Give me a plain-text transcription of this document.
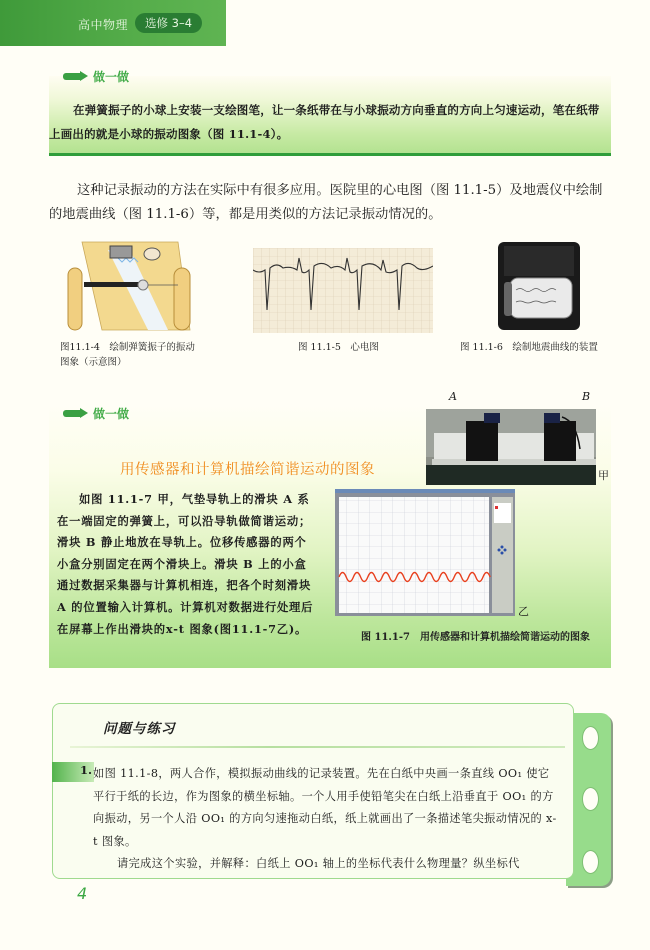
高中物理	选修 3–4
做一做
在弹簧振子的小球上安装一支绘图笔，让一条纸带在与小球振动方向垂直的方向上匀速运动，笔在纸带上画出的就是小球的振动图象（图 11.1-4）。
这种记录振动的方法在实际中有很多应用。医院里的心电图（图 11.1-5）及地震仪中绘制的地震曲线（图 11.1-6）等，都是用类似的方法记录振动情况的。
图11.1-4　绘制弹簧振子的振动
图象（示意图）
图 11.1-5　心电图	图 11.1-6　绘制地震曲线的装置
做一做
用传感器和计算机描绘简谐运动的图象
A	B
甲
如图 11.1-7 甲，气垫导轨上的滑块 A 系在一端固定的弹簧上，可以沿导轨做简谐运动；滑块 B 静止地放在导轨上。位移传感器的两个小盒分别固定在两个滑块上。滑块 B 上的小盒通过数据采集器与计算机相连，把各个时刻滑块 A 的位置输入计算机。计算机对数据进行处理后在屏幕上作出滑块的x-t 图象(图11.1-7乙)。
乙
图 11.1-7　用传感器和计算机描绘简谐运动的图象
问题与练习
1. 如图 11.1-8，两人合作，模拟振动曲线的记录装置。先在白纸中央画一条直线 OO₁ 使它平行于纸的长边，作为图象的横坐标轴。一个人用手使铅笔尖在白纸上沿垂直于 OO₁ 的方向振动，另一个人沿 OO₁ 的方向匀速拖动白纸，纸上就画出了一条描述笔尖振动情况的 x-t 图象。

请完成这个实验，并解释：白纸上 OO₁ 轴上的坐标代表什么物理量？纵坐标代

4
